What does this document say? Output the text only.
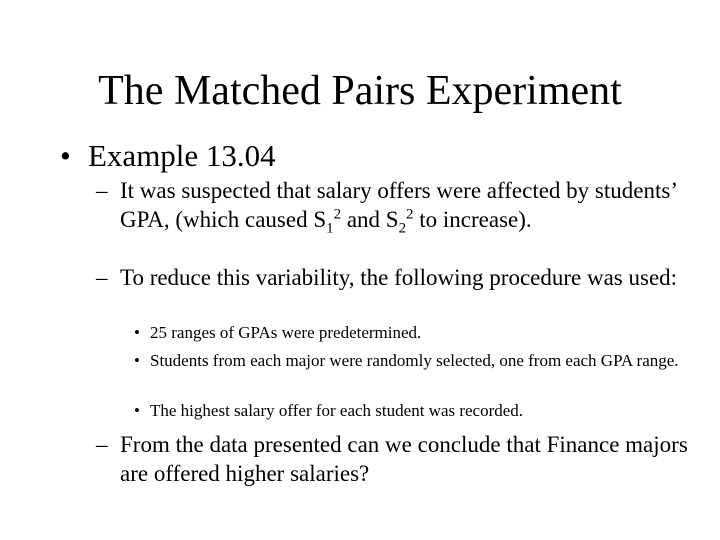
The Matched Pairs Experiment
• Example 13.04
– It was suspected that salary offers were affected by students’ GPA, (which caused $S_1^2$ and $S_2^2$ to increase).
– To reduce this variability, the following procedure was used:
• 25 ranges of GPAs were predetermined.
• Students from each major were randomly selected, one from each GPA range.
• The highest salary offer for each student was recorded.
– From the data presented can we conclude that Finance majors are offered higher salaries?
